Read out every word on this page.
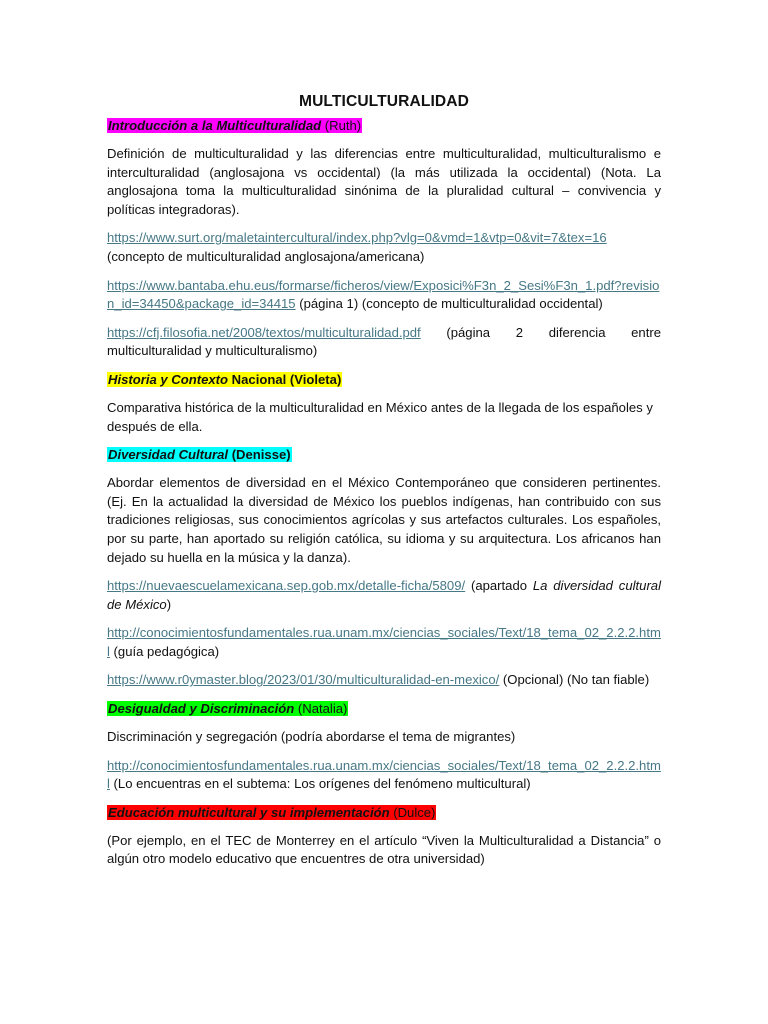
MULTICULTURALIDAD
Introducción a la Multiculturalidad (Ruth)

Definición de multiculturalidad y las diferencias entre multiculturalidad, multiculturalismo e interculturalidad (anglosajona vs occidental) (la más utilizada la occidental) (Nota. La anglosajona toma la multiculturalidad sinónima de la pluralidad cultural – convivencia y políticas integradoras).

https://www.surt.org/maletaintercultural/index.php?vlg=0&vmd=1&vtp=0&vit=7&tex=16
(concepto de multiculturalidad anglosajona/americana)

https://www.bantaba.ehu.eus/formarse/ficheros/view/Exposici%F3n_2_Sesi%F3n_1.pdf?revision_id=34450&package_id=34415 (página 1) (concepto de multiculturalidad occidental)

https://cfj.filosofia.net/2008/textos/multiculturalidad.pdf (página 2 diferencia entre multiculturalidad y multiculturalismo)

Historia y Contexto Nacional (Violeta)

Comparativa histórica de la multiculturalidad en México antes de la llegada de los españoles y después de ella.

Diversidad Cultural (Denisse)

Abordar elementos de diversidad en el México Contemporáneo que consideren pertinentes. (Ej. En la actualidad la diversidad de México los pueblos indígenas, han contribuido con sus tradiciones religiosas, sus conocimientos agrícolas y sus artefactos culturales. Los españoles, por su parte, han aportado su religión católica, su idioma y su arquitectura. Los africanos han dejado su huella en la música y la danza).

https://nuevaescuelamexicana.sep.gob.mx/detalle-ficha/5809/ (apartado La diversidad cultural de México)

http://conocimientosfundamentales.rua.unam.mx/ciencias_sociales/Text/18_tema_02_2.2.2.html (guía pedagógica)

https://www.r0ymaster.blog/2023/01/30/multiculturalidad-en-mexico/ (Opcional) (No tan fiable)

Desigualdad y Discriminación (Natalia)

Discriminación y segregación (podría abordarse el tema de migrantes)

http://conocimientosfundamentales.rua.unam.mx/ciencias_sociales/Text/18_tema_02_2.2.2.html (Lo encuentras en el subtema: Los orígenes del fenómeno multicultural)

Educación multicultural y su implementación (Dulce)

(Por ejemplo, en el TEC de Monterrey en el artículo “Viven la Multiculturalidad a Distancia” o algún otro modelo educativo que encuentres de otra universidad)
